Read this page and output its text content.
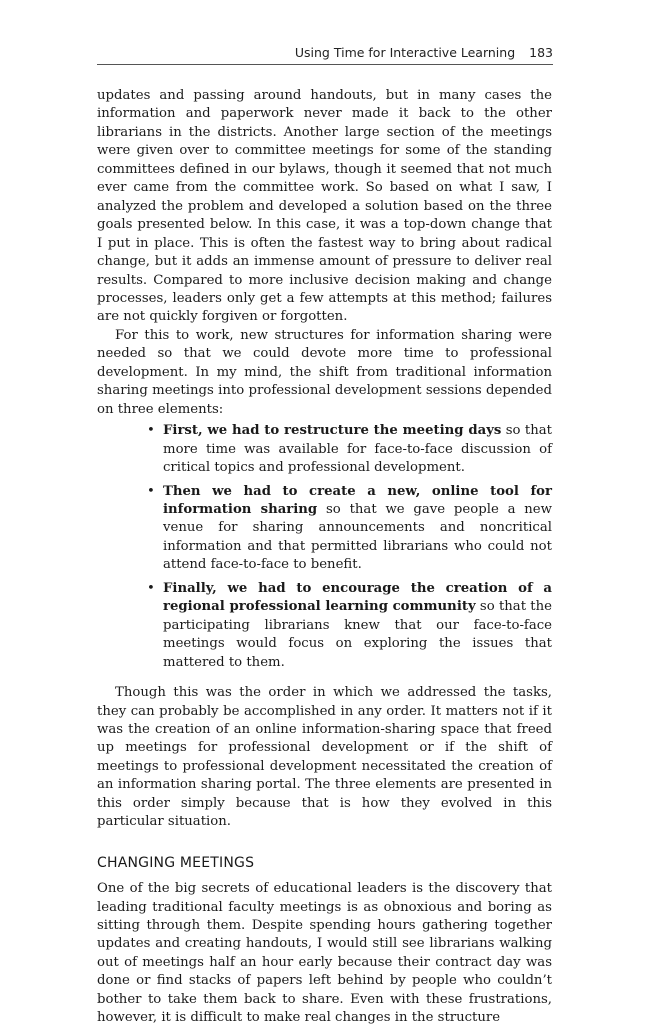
Using Time for Interactive Learning 183

updates and passing around handouts, but in many cases the information and paperwork never made it back to the other librarians in the districts. Another large section of the meetings were given over to committee meetings for some of the standing committees defined in our bylaws, though it seemed that not much ever came from the committee work. So based on what I saw, I analyzed the problem and developed a solution based on the three goals presented below. In this case, it was a top-down change that I put in place. This is often the fastest way to bring about radical change, but it adds an immense amount of pressure to deliver real results. Compared to more inclusive decision making and change processes, leaders only get a few attempts at this method; failures are not quickly forgiven or forgotten.

For this to work, new structures for information sharing were needed so that we could devote more time to professional development. In my mind, the shift from traditional information sharing meetings into professional development sessions depended on three elements:

• First, we had to restructure the meeting days so that more time was available for face-to-face discussion of critical topics and professional development.
• Then we had to create a new, online tool for information sharing so that we gave people a new venue for sharing announcements and noncritical information and that permitted librarians who could not attend face-to-face to benefit.
• Finally, we had to encourage the creation of a regional professional learning community so that the participating librarians knew that our face-to-face meetings would focus on exploring the issues that mattered to them.

Though this was the order in which we addressed the tasks, they can probably be accomplished in any order. It matters not if it was the creation of an online information-sharing space that freed up meetings for professional development or if the shift of meetings to professional development necessitated the creation of an information sharing portal. The three elements are presented in this order simply because that is how they evolved in this particular situation.

CHANGING MEETINGS

One of the big secrets of educational leaders is the discovery that leading traditional faculty meetings is as obnoxious and boring as sitting through them. Despite spending hours gathering together updates and creating handouts, I would still see librarians walking out of meetings half an hour early because their contract day was done or find stacks of papers left behind by people who couldn’t bother to take them back to share. Even with these frustrations, however, it is difficult to make real changes in the structure
